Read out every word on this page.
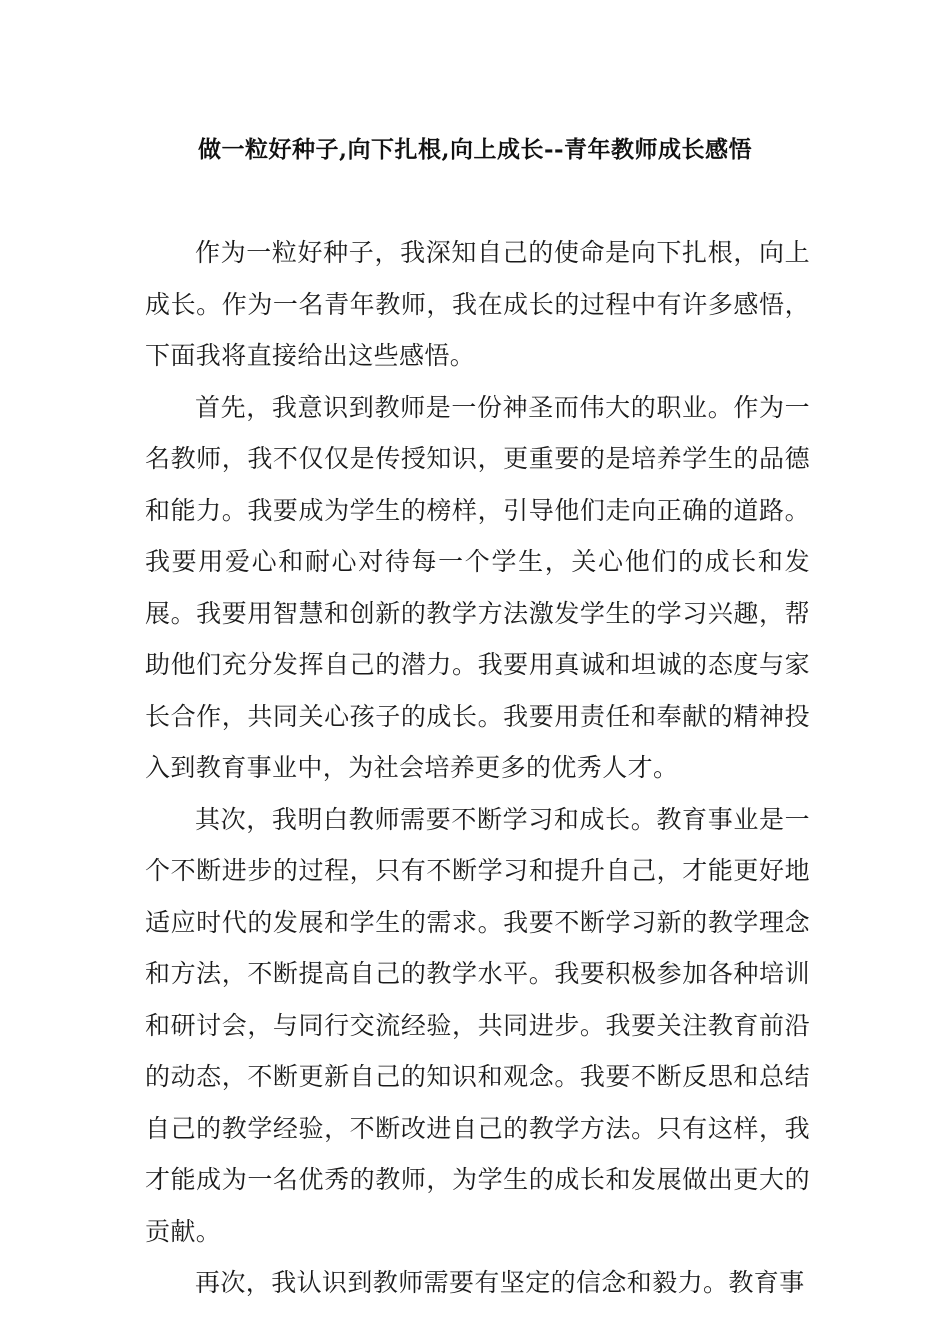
做一粒好种子,向下扎根,向上成长--青年教师成长感悟

作为一粒好种子，我深知自己的使命是向下扎根，向上成长。作为一名青年教师，我在成长的过程中有许多感悟，下面我将直接给出这些感悟。

首先，我意识到教师是一份神圣而伟大的职业。作为一名教师，我不仅仅是传授知识，更重要的是培养学生的品德和能力。我要成为学生的榜样，引导他们走向正确的道路。我要用爱心和耐心对待每一个学生，关心他们的成长和发展。我要用智慧和创新的教学方法激发学生的学习兴趣，帮助他们充分发挥自己的潜力。我要用真诚和坦诚的态度与家长合作，共同关心孩子的成长。我要用责任和奉献的精神投入到教育事业中，为社会培养更多的优秀人才。

其次，我明白教师需要不断学习和成长。教育事业是一个不断进步的过程，只有不断学习和提升自己，才能更好地适应时代的发展和学生的需求。我要不断学习新的教学理念和方法，不断提高自己的教学水平。我要积极参加各种培训和研讨会，与同行交流经验，共同进步。我要关注教育前沿的动态，不断更新自己的知识和观念。我要不断反思和总结自己的教学经验，不断改进自己的教学方法。只有这样，我才能成为一名优秀的教师，为学生的成长和发展做出更大的贡献。

再次，我认识到教师需要有坚定的信念和毅力。教育事
